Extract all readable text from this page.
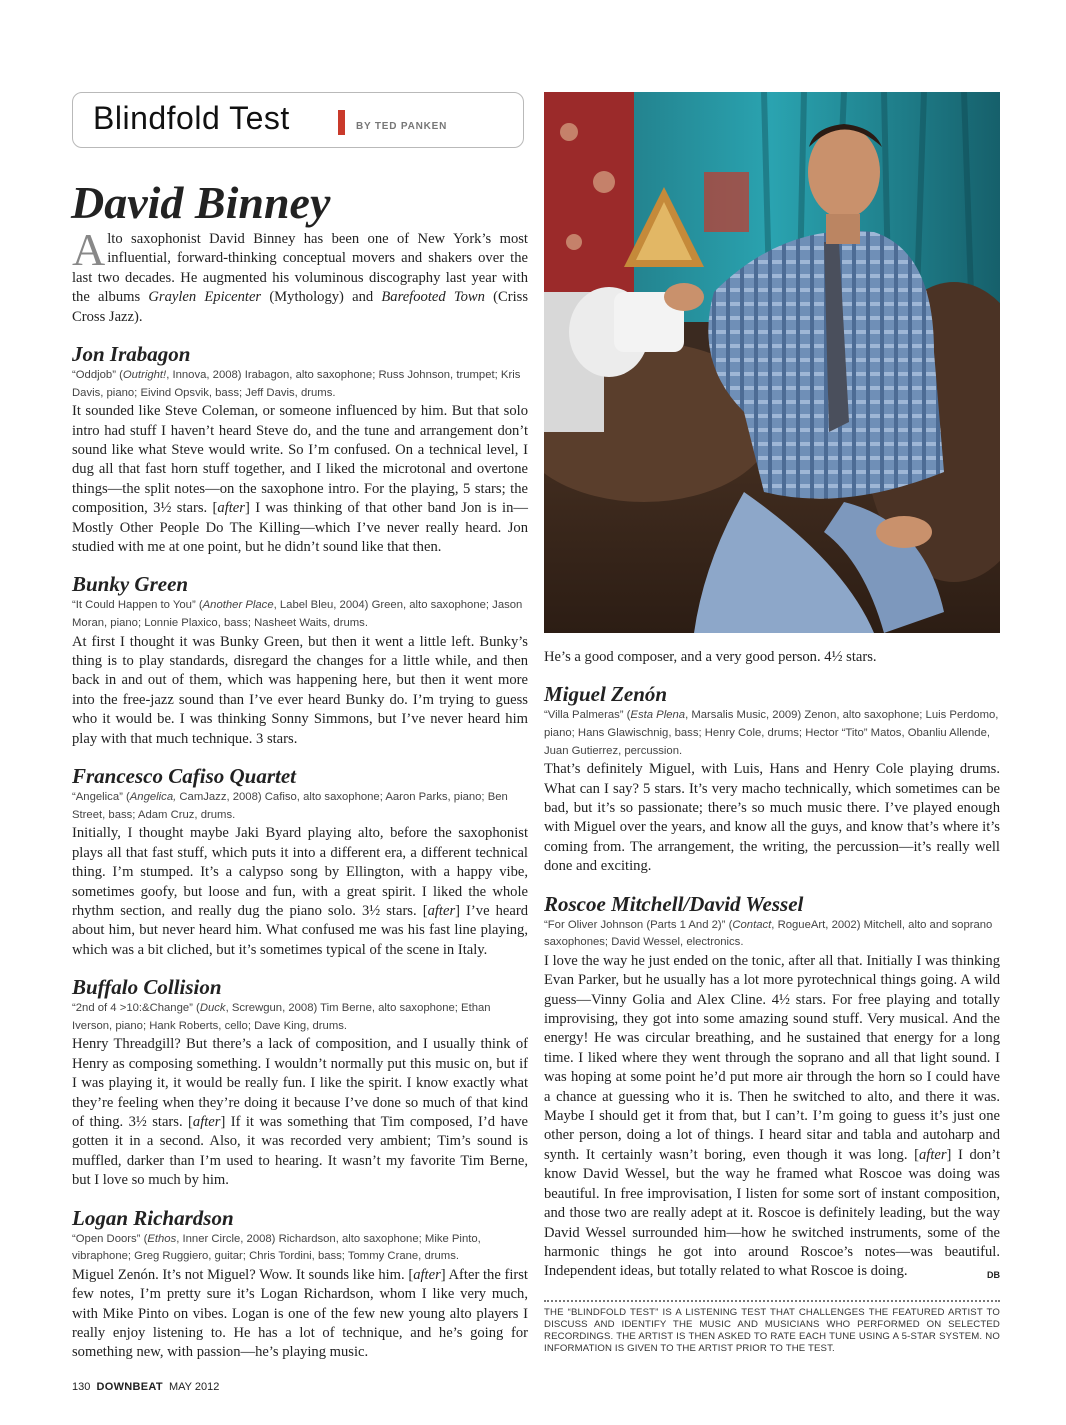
Blindfold Test	BY TED PANKEN
David Binney

Alto saxophonist David Binney has been one of New York’s most influential, forward-thinking conceptual movers and shakers over the last two decades. He augmented his voluminous discography last year with the albums Graylen Epicenter (Mythology) and Barefooted Town (Criss Cross Jazz).

Jon Irabagon

“Oddjob” (Outright!, Innova, 2008) Irabagon, alto saxophone; Russ Johnson, trumpet; Kris Davis, piano; Eivind Opsvik, bass; Jeff Davis, drums.

It sounded like Steve Coleman, or someone influenced by him. But that solo intro had stuff I haven’t heard Steve do, and the tune and arrangement don’t sound like what Steve would write. So I’m confused. On a technical level, I dug all that fast horn stuff together, and I liked the microtonal and overtone things—the split notes—on the saxophone intro. For the playing, 5 stars; the composition, 3½ stars. [after] I was thinking of that other band Jon is in—Mostly Other People Do The Killing—which I’ve never really heard. Jon studied with me at one point, but he didn’t sound like that then.

Bunky Green

“It Could Happen to You” (Another Place, Label Bleu, 2004) Green, alto saxophone; Jason Moran, piano; Lonnie Plaxico, bass; Nasheet Waits, drums.

At first I thought it was Bunky Green, but then it went a little left. Bunky’s thing is to play standards, disregard the changes for a little while, and then back in and out of them, which was happening here, but then it went more into the free-jazz sound than I’ve ever heard Bunky do. I’m trying to guess who it would be. I was thinking Sonny Simmons, but I’ve never heard him play with that much technique. 3 stars.

Francesco Cafiso Quartet

“Angelica” (Angelica, CamJazz, 2008) Cafiso, alto saxophone; Aaron Parks, piano; Ben Street, bass; Adam Cruz, drums.

Initially, I thought maybe Jaki Byard playing alto, before the saxophonist plays all that fast stuff, which puts it into a different era, a different technical thing. I’m stumped. It’s a calypso song by Ellington, with a happy vibe, sometimes goofy, but loose and fun, with a great spirit. I liked the whole rhythm section, and really dug the piano solo. 3½ stars. [after] I’ve heard about him, but never heard him. What confused me was his fast line playing, which was a bit cliched, but it’s sometimes typical of the scene in Italy.

Buffalo Collision

“2nd of 4 >10:&Change” (Duck, Screwgun, 2008) Tim Berne, alto saxophone; Ethan Iverson, piano; Hank Roberts, cello; Dave King, drums.

Henry Threadgill? But there’s a lack of composition, and I usually think of Henry as composing something. I wouldn’t normally put this music on, but if I was playing it, it would be really fun. I like the spirit. I know exactly what they’re feeling when they’re doing it because I’ve done so much of that kind of thing. 3½ stars. [after] If it was something that Tim composed, I’d have gotten it in a second. Also, it was recorded very ambient; Tim’s sound is muffled, darker than I’m used to hearing. It wasn’t my favorite Tim Berne, but I love so much by him.

Logan Richardson

“Open Doors” (Ethos, Inner Circle, 2008) Richardson, alto saxophone; Mike Pinto, vibraphone; Greg Ruggiero, guitar; Chris Tordini, bass; Tommy Crane, drums.

Miguel Zenón. It’s not Miguel? Wow. It sounds like him. [after] After the first few notes, I’m pretty sure it’s Logan Richardson, whom I like very much, with Mike Pinto on vibes. Logan is one of the few new young alto players I really enjoy listening to. He has a lot of technique, and he’s going for something new, with passion—he’s playing music.

He’s a good composer, and a very good person. 4½ stars.

Miguel Zenón

“Villa Palmeras” (Esta Plena, Marsalis Music, 2009) Zenon, alto saxophone; Luis Perdomo, piano; Hans Glawischnig, bass; Henry Cole, drums; Hector “Tito” Matos, Obanliu Allende, Juan Gutierrez, percussion.

That’s definitely Miguel, with Luis, Hans and Henry Cole playing drums. What can I say? 5 stars. It’s very macho technically, which sometimes can be bad, but it’s so passionate; there’s so much music there. I’ve played enough with Miguel over the years, and know all the guys, and know that’s where it’s coming from. The arrangement, the writing, the percussion—it’s really well done and exciting.

Roscoe Mitchell/David Wessel

“For Oliver Johnson (Parts 1 And 2)” (Contact, RogueArt, 2002) Mitchell, alto and soprano saxophones; David Wessel, electronics.

I love the way he just ended on the tonic, after all that. Initially I was thinking Evan Parker, but he usually has a lot more pyrotechnical things going. A wild guess—Vinny Golia and Alex Cline. 4½ stars. For free playing and totally improvising, they got into some amazing sound stuff. Very musical. And the energy! He was circular breathing, and he sustained that energy for a long time. I liked where they went through the soprano and all that light sound. I was hoping at some point he’d put more air through the horn so I could have a chance at guessing who it is. Then he switched to alto, and there it was. Maybe I should get it from that, but I can’t. I’m going to guess it’s just one other person, doing a lot of things. I heard sitar and tabla and autoharp and synth. It certainly wasn’t boring, even though it was long. [after] I don’t know David Wessel, but the way he framed what Roscoe was doing was beautiful. In free improvisation, I listen for some sort of instant composition, and those two are really adept at it. Roscoe is definitely leading, but the way David Wessel surrounded him—how he switched instruments, some of the harmonic things he got into around Roscoe’s notes—was beautiful. Independent ideas, but totally related to what Roscoe is doing.	DB

THE “BLINDFOLD TEST” IS A LISTENING TEST THAT CHALLENGES THE FEATURED ARTIST TO DISCUSS AND IDENTIFY THE MUSIC AND MUSICIANS WHO PERFORMED ON SELECTED RECORDINGS. THE ARTIST IS THEN ASKED TO RATE EACH TUNE USING A 5-STAR SYSTEM. NO INFORMATION IS GIVEN TO THE ARTIST PRIOR TO THE TEST.

130 DOWNBEAT MAY 2012
